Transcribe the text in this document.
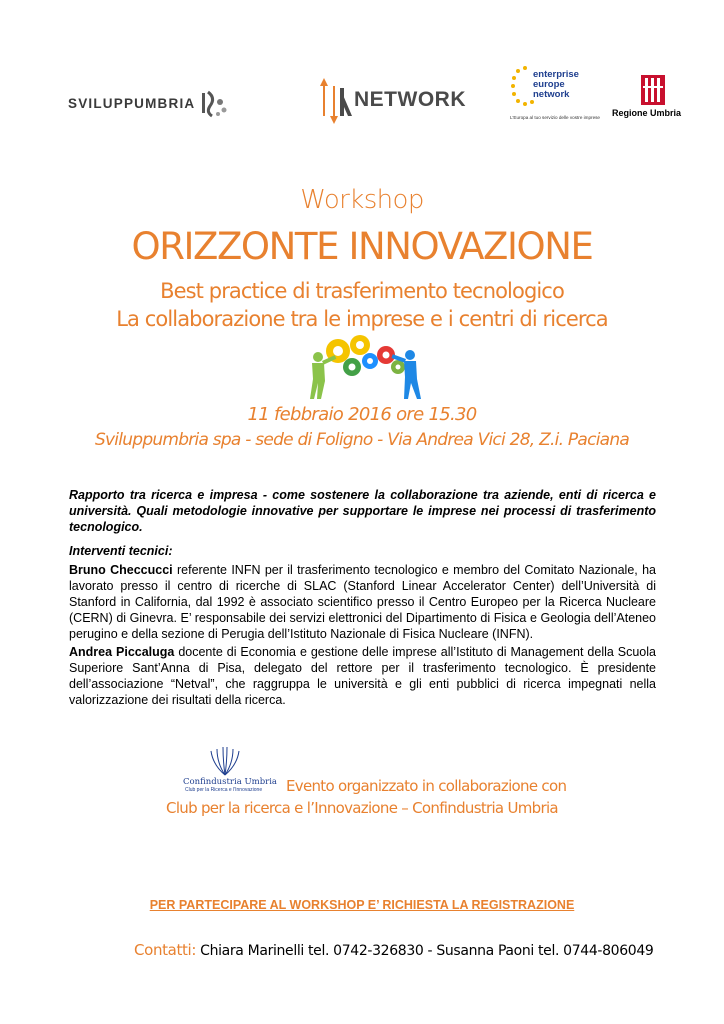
SVILUPPUMBRIA	NETWORK
enterprise
europe
network
L'Europa al tuo servizio delle vostre imprese Regione Umbria
Workshop
ORIZZONTE INNOVAZIONE
Best practice di trasferimento tecnologico
La collaborazione tra le imprese e i centri di ricerca
11 febbraio 2016 ore 15.30
Sviluppumbria spa - sede di Foligno - Via Andrea Vici 28, Z.i. Paciana
Rapporto tra ricerca e impresa - come sostenere la collaborazione tra aziende, enti di ricerca e università. Quali metodologie innovative per supportare le imprese nei processi di trasferimento tecnologico.
Interventi tecnici:
Bruno Checcucci referente INFN per il trasferimento tecnologico e membro del Comitato Nazionale, ha lavorato presso il centro di ricerche di SLAC (Stanford Linear Accelerator Center) dell’Università di Stanford in California, dal 1992 è associato scientifico presso il Centro Europeo per la Ricerca Nucleare (CERN) di Ginevra. E’ responsabile dei servizi elettronici del Dipartimento di Fisica e Geologia dell’Ateneo perugino e della sezione di Perugia dell’Istituto Nazionale di Fisica Nucleare (INFN).
Andrea Piccaluga docente di Economia e gestione delle imprese all’Istituto di Management della Scuola Superiore Sant’Anna di Pisa, delegato del rettore per il trasferimento tecnologico. È presidente dell’associazione “Netval”, che raggruppa le università e gli enti pubblici di ricerca impegnati nella valorizzazione dei risultati della ricerca.
Confindustria Umbria
Club per la Ricerca e l'Innovazione Evento organizzato in collaborazione con
Club per la ricerca e l’Innovazione – Confindustria Umbria
PER PARTECIPARE AL WORKSHOP E’ RICHIESTA LA REGISTRAZIONE
Contatti: Chiara Marinelli tel. 0742-326830 - Susanna Paoni tel. 0744-806049
